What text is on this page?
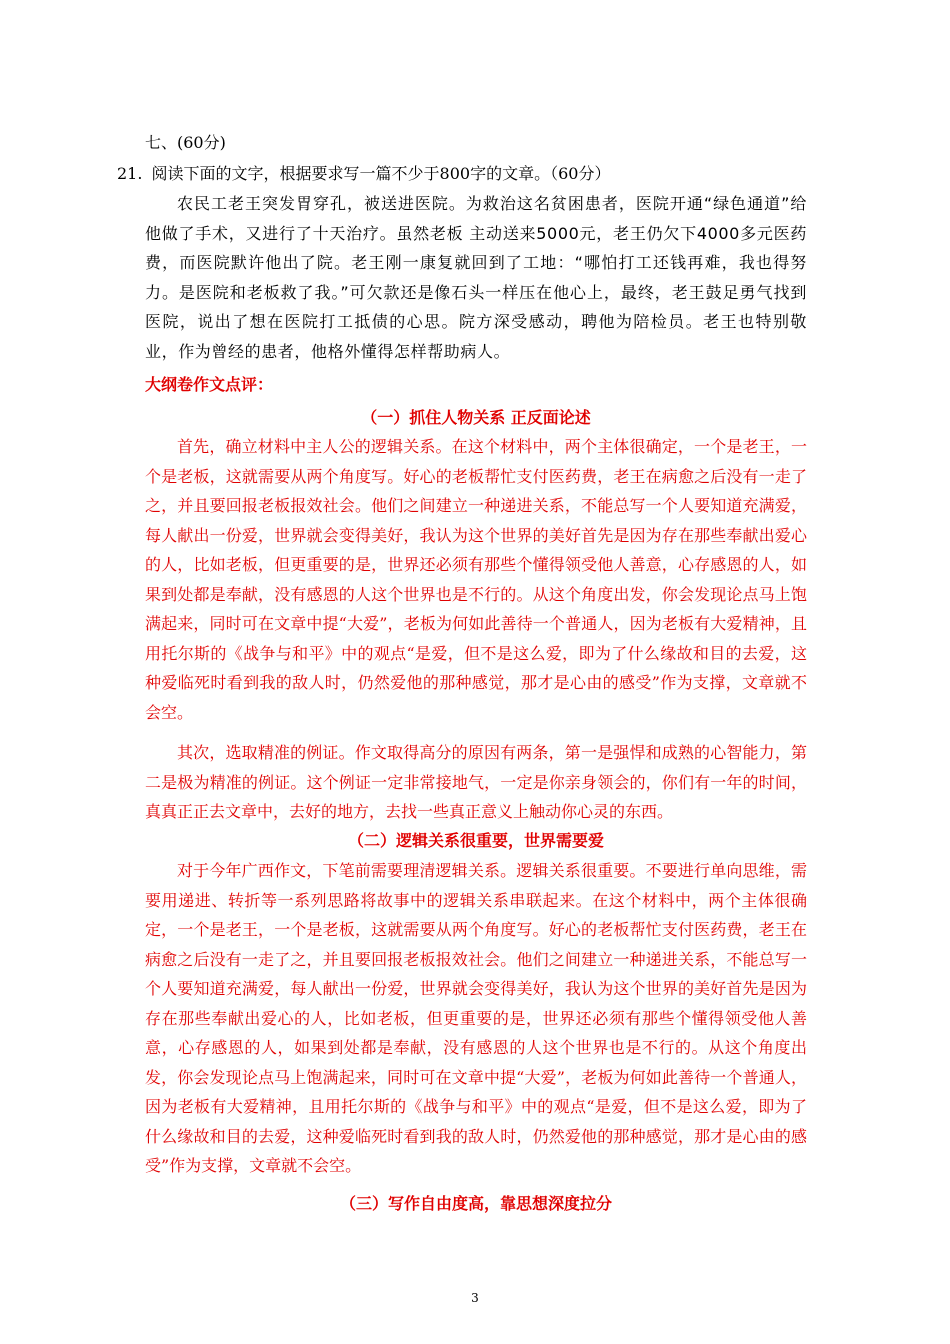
七、(60分)
21. 阅读下面的文字，根据要求写一篇不少于800字的文章。（60分）
农民工老王突发胃穿孔，被送进医院。为救治这名贫困患者，医院开通“绿色通道”给他做了手术，又进行了十天治疗。虽然老板 主动送来5000元，老王仍欠下4000多元医药费，而医院默许他出了院。老王刚一康复就回到了工地：“哪怕打工还钱再难，我也得努 力。是医院和老板救了我。”可欠款还是像石头一样压在他心上，最终，老王鼓足勇气找到医院，说出了想在医院打工抵债的心思。院方深受感动，聘他为陪检员。老王也特别敬业，作为曾经的患者，他格外懂得怎样帮助病人。
大纲卷作文点评：
（一）抓住人物关系 正反面论述
首先，确立材料中主人公的逻辑关系。在这个材料中，两个主体很确定，一个是老王，一个是老板，这就需要从两个角度写。好心的老板帮忙支付医药费，老王在病愈之后没有一走了之，并且要回报老板报效社会。他们之间建立一种递进关系，不能总写一个人要知道充满爱，每人献出一份爱，世界就会变得美好，我认为这个世界的美好首先是因为存在那些奉献出爱心的人，比如老板，但更重要的是，世界还必须有那些个懂得领受他人善意，心存感恩的人，如果到处都是奉献，没有感恩的人这个世界也是不行的。从这个角度出发，你会发现论点马上饱满起来，同时可在文章中提“大爱”，老板为何如此善待一个普通人，因为老板有大爱精神，且用托尔斯的《战争与和平》中的观点“是爱，但不是这么爱，即为了什么缘故和目的去爱，这种爱临死时看到我的敌人时，仍然爱他的那种感觉，那才是心由的感受”作为支撑，文章就不会空。
其次，选取精准的例证。作文取得高分的原因有两条，第一是强悍和成熟的心智能力，第二是极为精准的例证。这个例证一定非常接地气，一定是你亲身领会的，你们有一年的时间，真真正正去文章中，去好的地方，去找一些真正意义上触动你心灵的东西。
（二）逻辑关系很重要，世界需要爱
对于今年广西作文，下笔前需要理清逻辑关系。逻辑关系很重要。不要进行单向思维，需要用递进、转折等一系列思路将故事中的逻辑关系串联起来。在这个材料中，两个主体很确定，一个是老王，一个是老板，这就需要从两个角度写。好心的老板帮忙支付医药费，老王在病愈之后没有一走了之，并且要回报老板报效社会。他们之间建立一种递进关系，不能总写一个人要知道充满爱，每人献出一份爱，世界就会变得美好，我认为这个世界的美好首先是因为存在那些奉献出爱心的人，比如老板，但更重要的是，世界还必须有那些个懂得领受他人善意，心存感恩的人，如果到处都是奉献，没有感恩的人这个世界也是不行的。从这个角度出发，你会发现论点马上饱满起来，同时可在文章中提“大爱”，老板为何如此善待一个普通人，因为老板有大爱精神，且用托尔斯的《战争与和平》中的观点“是爱，但不是这么爱，即为了什么缘故和目的去爱，这种爱临死时看到我的敌人时，仍然爱他的那种感觉，那才是心由的感受”作为支撑，文章就不会空。
（三）写作自由度高，靠思想深度拉分
3
